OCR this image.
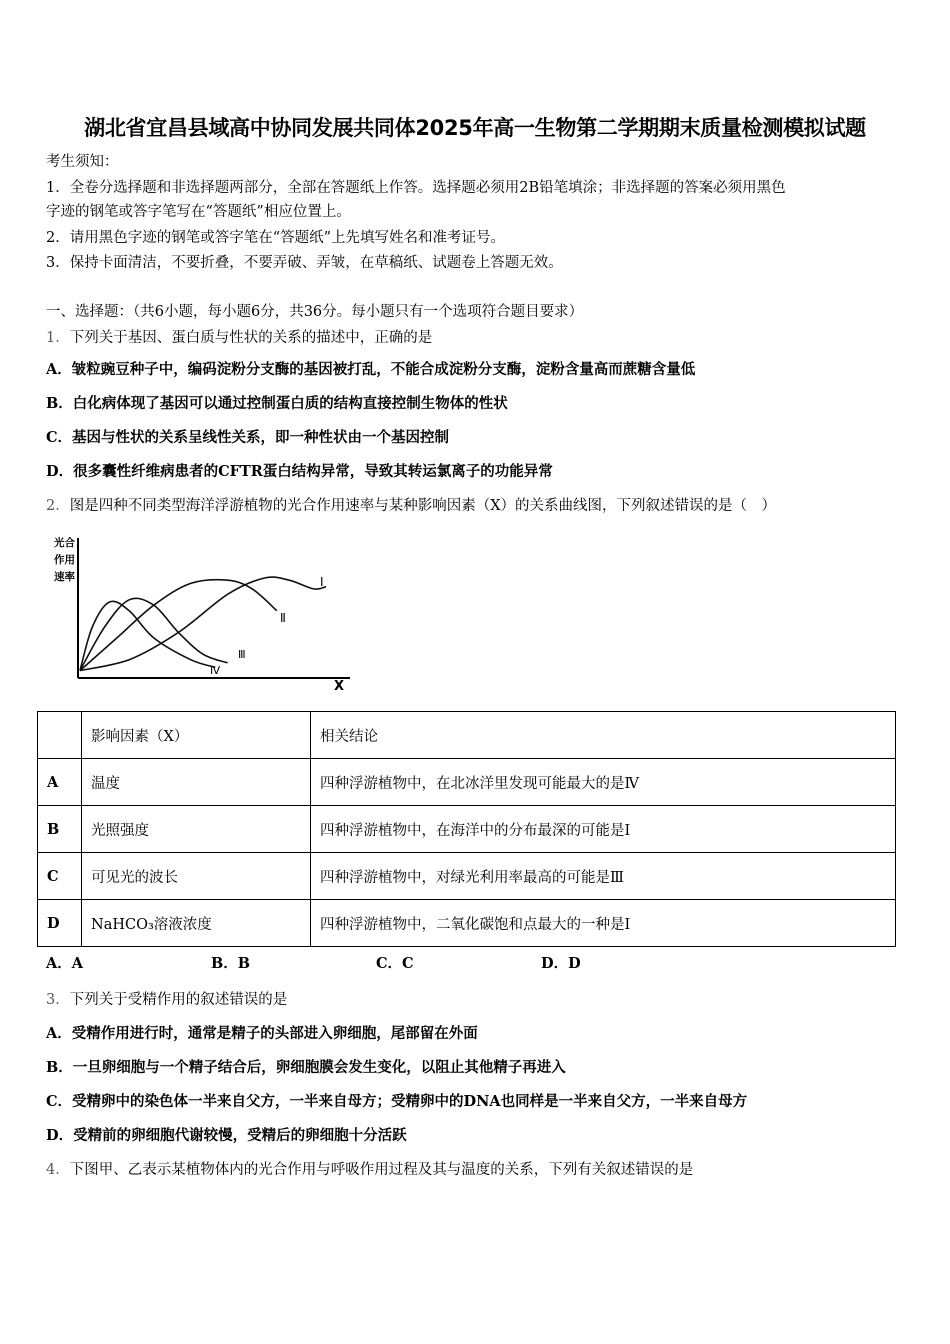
湖北省宜昌县域高中协同发展共同体2025年高一生物第二学期期末质量检测模拟试题
考生须知：
1．全卷分选择题和非选择题两部分，全部在答题纸上作答。选择题必须用2B铅笔填涂；非选择题的答案必须用黑色
字迹的钢笔或答字笔写在“答题纸”相应位置上。
2．请用黑色字迹的钢笔或答字笔在“答题纸”上先填写姓名和准考证号。
3．保持卡面清洁，不要折叠，不要弄破、弄皱，在草稿纸、试题卷上答题无效。
一、选择题：（共6小题，每小题6分，共36分。每小题只有一个选项符合题目要求）
1．下列关于基因、蛋白质与性状的关系的描述中，正确的是
A．皱粒豌豆种子中，编码淀粉分支酶的基因被打乱，不能合成淀粉分支酶，淀粉含量高而蔗糖含量低
B．白化病体现了基因可以通过控制蛋白质的结构直接控制生物体的性状
C．基因与性状的关系呈线性关系，即一种性状由一个基因控制
D．很多囊性纤维病患者的CFTR蛋白结构异常，导致其转运氯离子的功能异常
2．图是四种不同类型海洋浮游植物的光合作用速率与某种影响因素（X）的关系曲线图，下列叙述错误的是（　）
光合
作用
速率
X
Ⅰ
Ⅱ
Ⅲ
Ⅳ
	影响因素（X）	相关结论
A	温度	四种浮游植物中，在北冰洋里发现可能最大的是Ⅳ
B	光照强度	四种浮游植物中，在海洋中的分布最深的可能是Ⅰ
C	可见光的波长	四种浮游植物中，对绿光利用率最高的可能是Ⅲ
D	NaHCO₃溶液浓度	四种浮游植物中，二氧化碳饱和点最大的一种是Ⅰ
A．A	B．B	C．C	D．D
3．下列关于受精作用的叙述错误的是
A．受精作用进行时，通常是精子的头部进入卵细胞，尾部留在外面
B．一旦卵细胞与一个精子结合后，卵细胞膜会发生变化，以阻止其他精子再进入
C．受精卵中的染色体一半来自父方，一半来自母方；受精卵中的DNA也同样是一半来自父方，一半来自母方
D．受精前的卵细胞代谢较慢，受精后的卵细胞十分活跃
4．下图甲、乙表示某植物体内的光合作用与呼吸作用过程及其与温度的关系，下列有关叙述错误的是
